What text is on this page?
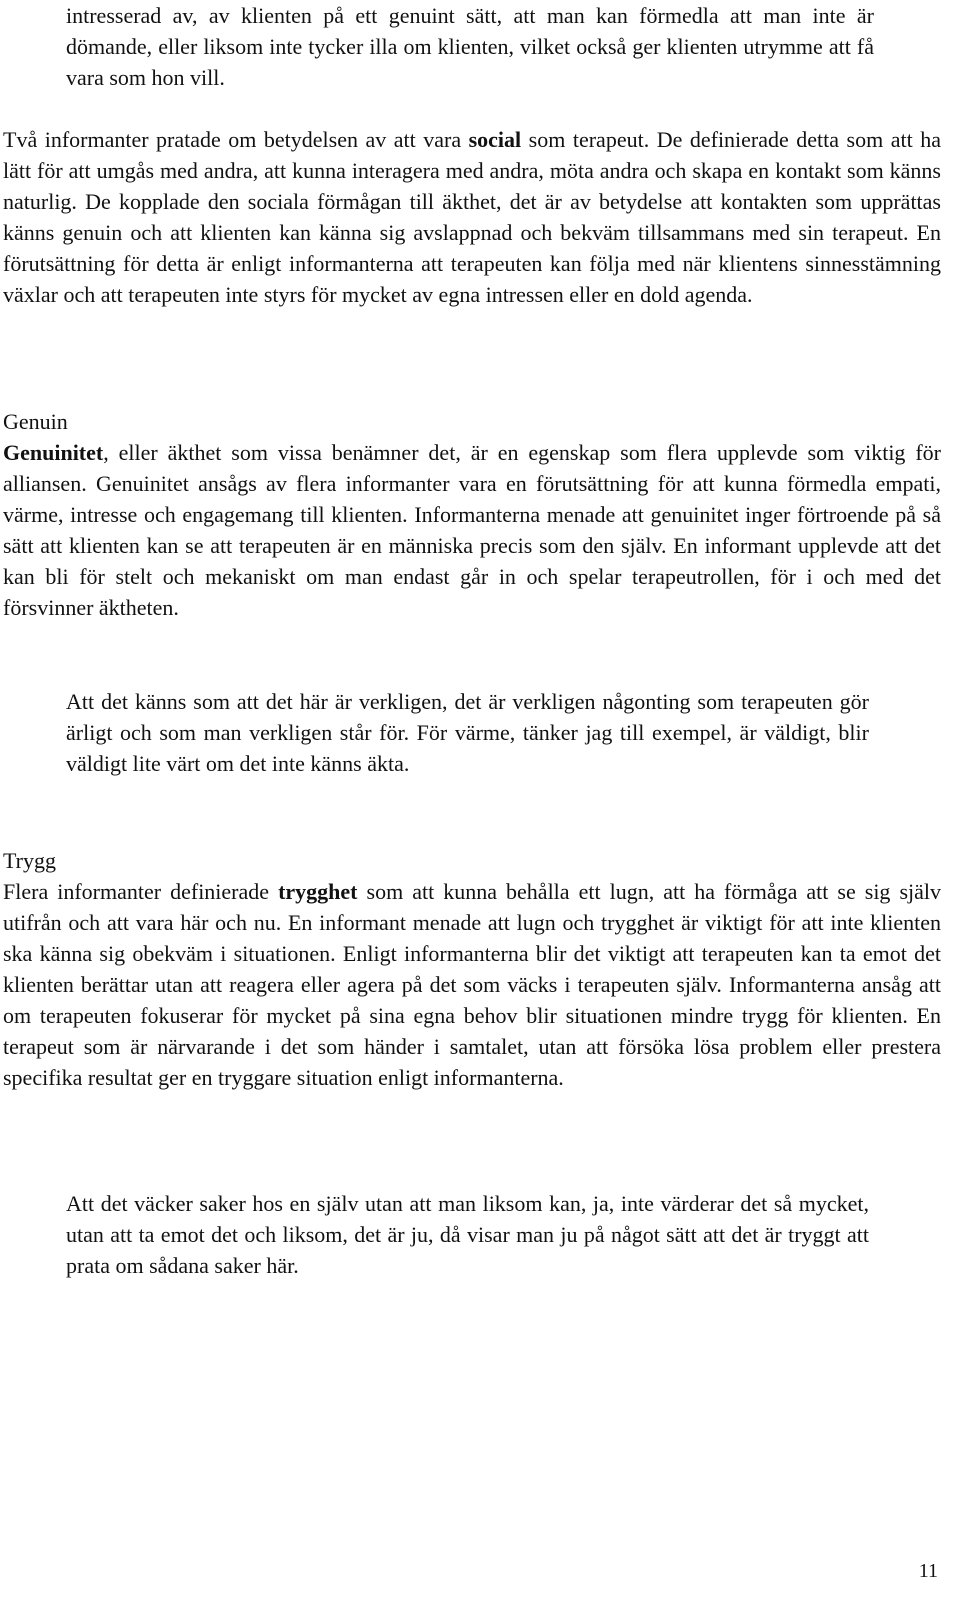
intresserad av, av klienten på ett genuint sätt, att man kan förmedla att man inte är dömande, eller liksom inte tycker illa om klienten, vilket också ger klienten utrymme att få vara som hon vill.

Två informanter pratade om betydelsen av att vara social som terapeut. De definierade detta som att ha lätt för att umgås med andra, att kunna interagera med andra, möta andra och skapa en kontakt som känns naturlig. De kopplade den sociala förmågan till äkthet, det är av betydelse att kontakten som upprättas känns genuin och att klienten kan känna sig avslappnad och bekväm tillsammans med sin terapeut. En förutsättning för detta är enligt informanterna att terapeuten kan följa med när klientens sinnesstämning växlar och att terapeuten inte styrs för mycket av egna intressen eller en dold agenda.

Genuin

Genuinitet, eller äkthet som vissa benämner det, är en egenskap som flera upplevde som viktig för alliansen. Genuinitet ansågs av flera informanter vara en förutsättning för att kunna förmedla empati, värme, intresse och engagemang till klienten. Informanterna menade att genuinitet inger förtroende på så sätt att klienten kan se att terapeuten är en människa precis som den själv. En informant upplevde att det kan bli för stelt och mekaniskt om man endast går in och spelar terapeutrollen, för i och med det försvinner äktheten.

Att det känns som att det här är verkligen, det är verkligen någonting som terapeuten gör ärligt och som man verkligen står för. För värme, tänker jag till exempel, är väldigt, blir väldigt lite värt om det inte känns äkta.

Trygg

Flera informanter definierade trygghet som att kunna behålla ett lugn, att ha förmåga att se sig själv utifrån och att vara här och nu. En informant menade att lugn och trygghet är viktigt för att inte klienten ska känna sig obekväm i situationen. Enligt informanterna blir det viktigt att terapeuten kan ta emot det klienten berättar utan att reagera eller agera på det som väcks i terapeuten själv. Informanterna ansåg att om terapeuten fokuserar för mycket på sina egna behov blir situationen mindre trygg för klienten. En terapeut som är närvarande i det som händer i samtalet, utan att försöka lösa problem eller prestera specifika resultat ger en tryggare situation enligt informanterna.

Att det väcker saker hos en själv utan att man liksom kan, ja, inte värderar det så mycket, utan att ta emot det och liksom, det är ju, då visar man ju på något sätt att det är tryggt att prata om sådana saker här.

11
